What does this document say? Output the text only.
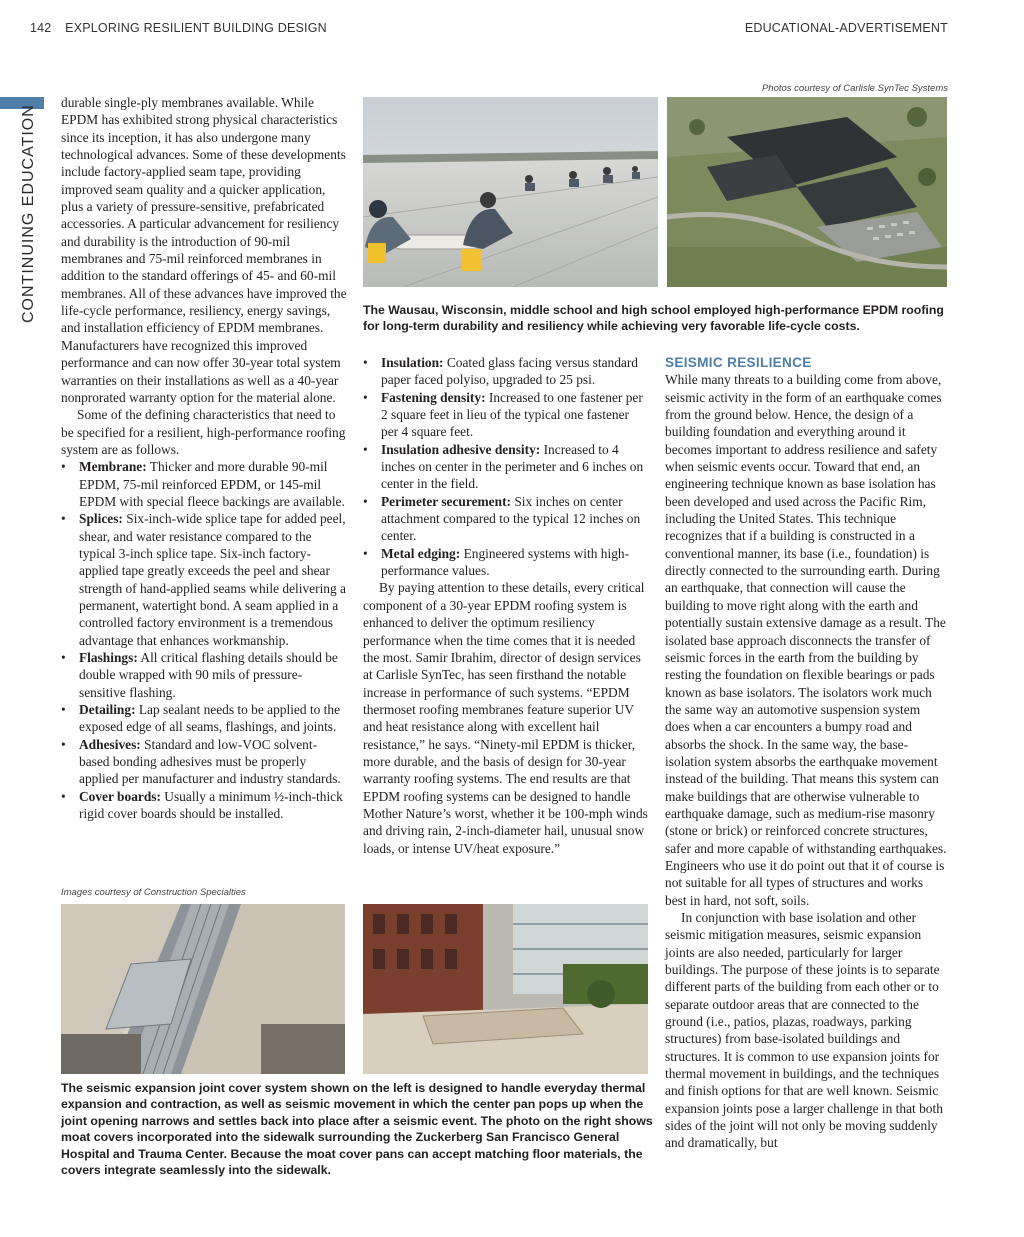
142 EXPLORING RESILIENT BUILDING DESIGN	EDUCATIONAL-ADVERTISEMENT
CONTINUING EDUCATION

durable single-ply membranes available. While EPDM has exhibited strong physical characteristics since its inception, it has also undergone many technological advances. Some of these developments include factory-applied seam tape, providing improved seam quality and a quicker application, plus a variety of pressure-sensitive, prefabricated accessories. A particular advancement for resiliency and durability is the introduction of 90-mil membranes and 75-mil reinforced membranes in addition to the standard offerings of 45- and 60-mil membranes. All of these advances have improved the life-cycle performance, resiliency, energy savings, and installation efficiency of EPDM membranes. Manufacturers have recognized this improved performance and can now offer 30-year total system warranties on their installations as well as a 40-year nonprorated warranty option for the material alone.

Some of the defining characteristics that need to be specified for a resilient, high-performance roofing system are as follows.

• Membrane: Thicker and more durable 90-mil EPDM, 75-mil reinforced EPDM, or 145-mil EPDM with special fleece backings are available.
• Splices: Six-inch-wide splice tape for added peel, shear, and water resistance compared to the typical 3-inch splice tape. Six-inch factory-applied tape greatly exceeds the peel and shear strength of hand-applied seams while delivering a permanent, watertight bond. A seam applied in a controlled factory environment is a tremendous advantage that enhances workmanship.
• Flashings: All critical flashing details should be double wrapped with 90 mils of pressure-sensitive flashing.
• Detailing: Lap sealant needs to be applied to the exposed edge of all seams, flashings, and joints.
• Adhesives: Standard and low-VOC solvent-based bonding adhesives must be properly applied per manufacturer and industry standards.
• Cover boards: Usually a minimum ½-inch-thick rigid cover boards should be installed.
Photos courtesy of Carlisle SynTec Systems
The Wausau, Wisconsin, middle school and high school employed high-performance EPDM roofing for long-term durability and resiliency while achieving very favorable life-cycle costs.
• Insulation: Coated glass facing versus standard paper faced polyiso, upgraded to 25 psi.
• Fastening density: Increased to one fastener per 2 square feet in lieu of the typical one fastener per 4 square feet.
• Insulation adhesive density: Increased to 4 inches on center in the perimeter and 6 inches on center in the field.
• Perimeter securement: Six inches on center attachment compared to the typical 12 inches on center.
• Metal edging: Engineered systems with high-performance values.

By paying attention to these details, every critical component of a 30-year EPDM roofing system is enhanced to deliver the optimum resiliency performance when the time comes that it is needed the most. Samir Ibrahim, director of design services at Carlisle SynTec, has seen firsthand the notable increase in performance of such systems. “EPDM thermoset roofing membranes feature superior UV and heat resistance along with excellent hail resistance,” he says. “Ninety-mil EPDM is thicker, more durable, and the basis of design for 30-year warranty roofing systems. The end results are that EPDM roofing systems can be designed to handle Mother Nature’s worst, whether it be 100-mph winds and driving rain, 2-inch-diameter hail, unusual snow loads, or intense UV/heat exposure.”

SEISMIC RESILIENCE

While many threats to a building come from above, seismic activity in the form of an earthquake comes from the ground below. Hence, the design of a building foundation and everything around it becomes important to address resilience and safety when seismic events occur. Toward that end, an engineering technique known as base isolation has been developed and used across the Pacific Rim, including the United States. This technique recognizes that if a building is constructed in a conventional manner, its base (i.e., foundation) is directly connected to the surrounding earth. During an earthquake, that connection will cause the building to move right along with the earth and potentially sustain extensive damage as a result. The isolated base approach disconnects the transfer of seismic forces in the earth from the building by resting the foundation on flexible bearings or pads known as base isolators. The isolators work much the same way an automotive suspension system does when a car encounters a bumpy road and absorbs the shock. In the same way, the base-isolation system absorbs the earthquake movement instead of the building. That means this system can make buildings that are otherwise vulnerable to earthquake damage, such as medium-rise masonry (stone or brick) or reinforced concrete structures, safer and more capable of withstanding earthquakes. Engineers who use it do point out that it of course is not suitable for all types of structures and works best in hard, not soft, soils.

In conjunction with base isolation and other seismic mitigation measures, seismic expansion joints are also needed, particularly for larger buildings. The purpose of these joints is to separate different parts of the building from each other or to separate outdoor areas that are connected to the ground (i.e., patios, plazas, roadways, parking structures) from base-isolated buildings and structures. It is common to use expansion joints for thermal movement in buildings, and the techniques and finish options for that are well known. Seismic expansion joints pose a larger challenge in that both sides of the joint will not only be moving suddenly and dramatically, but

Images courtesy of Construction Specialties
The seismic expansion joint cover system shown on the left is designed to handle everyday thermal expansion and contraction, as well as seismic movement in which the center pan pops up when the joint opening narrows and settles back into place after a seismic event. The photo on the right shows moat covers incorporated into the sidewalk surrounding the Zuckerberg San Francisco General Hospital and Trauma Center. Because the moat cover pans can accept matching floor materials, the covers integrate seamlessly into the sidewalk.
